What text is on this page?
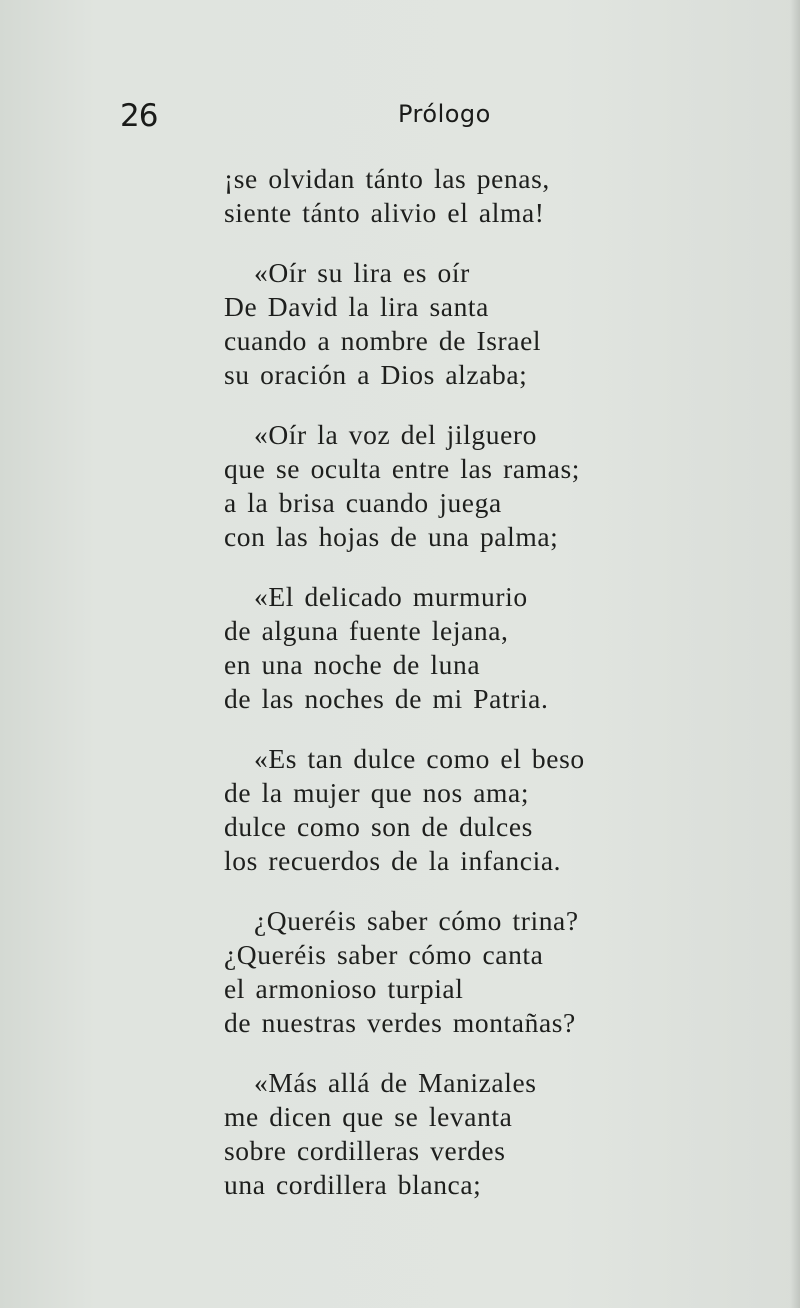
26	Prólogo
¡se olvidan tánto las penas,
siente tánto alivio el alma!
«Oír su lira es oír
De David la lira santa
cuando a nombre de Israel
su oración a Dios alzaba;
«Oír la voz del jilguero
que se oculta entre las ramas;
a la brisa cuando juega
con las hojas de una palma;
«El delicado murmurio
de alguna fuente lejana,
en una noche de luna
de las noches de mi Patria.
«Es tan dulce como el beso
de la mujer que nos ama;
dulce como son de dulces
los recuerdos de la infancia.
¿Queréis saber cómo trina?
¿Queréis saber cómo canta
el armonioso turpial
de nuestras verdes montañas?
«Más allá de Manizales
me dicen que se levanta
sobre cordilleras verdes
una cordillera blanca;
